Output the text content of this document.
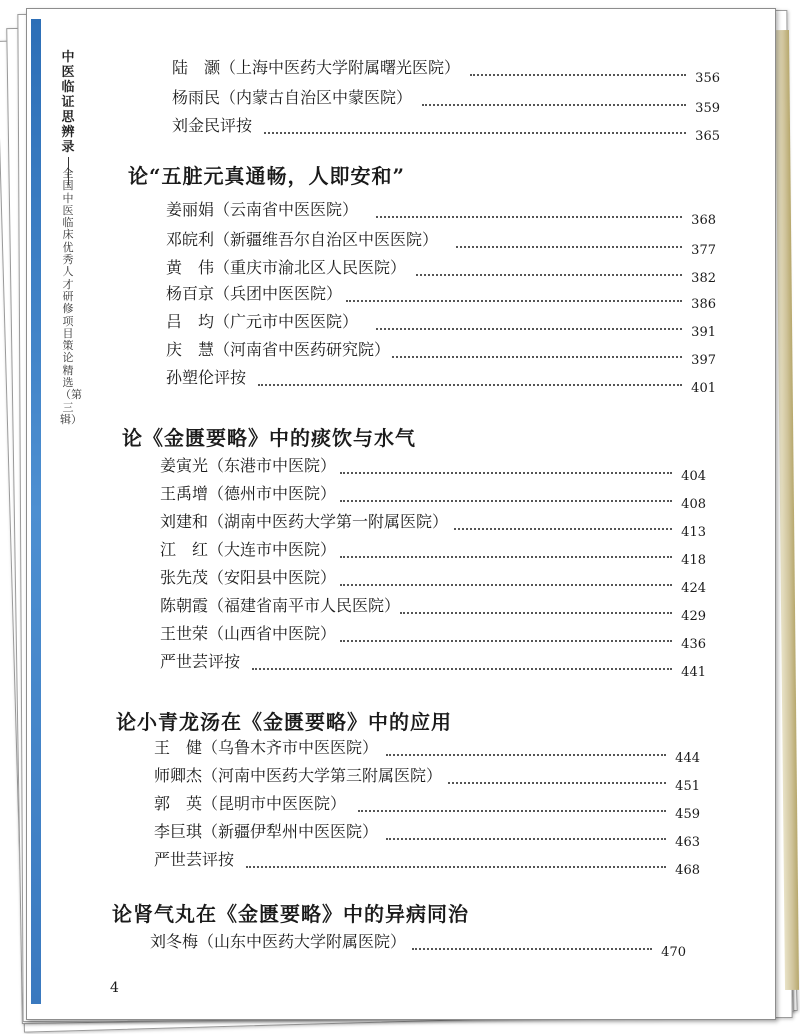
中医临证思辨录
全国中医临床优秀人才研修项目策论精选（第三辑）
陆　灏（上海中医药大学附属曙光医院）
356
杨雨民（内蒙古自治区中蒙医院）
359
刘金民评按
365
论“五脏元真通畅，人即安和”
姜丽娟（云南省中医医院）
368
邓皖利（新疆维吾尔自治区中医医院）
377
黄　伟（重庆市渝北区人民医院）
382
杨百京（兵团中医医院）
386
吕　均（广元市中医医院）
391
庆　慧（河南省中医药研究院）
397
孙塑伦评按
401
论《金匮要略》中的痰饮与水气
姜寅光（东港市中医院）
404
王禹增（德州市中医院）
408
刘建和（湖南中医药大学第一附属医院）
413
江　红（大连市中医院）
418
张先茂（安阳县中医院）
424
陈朝霞（福建省南平市人民医院）
429
王世荣（山西省中医院）
436
严世芸评按
441
论小青龙汤在《金匮要略》中的应用
王　健（乌鲁木齐市中医医院）
444
师卿杰（河南中医药大学第三附属医院）
451
郭　英（昆明市中医医院）
459
李巨琪（新疆伊犁州中医医院）
463
严世芸评按
468
论肾气丸在《金匮要略》中的异病同治
刘冬梅（山东中医药大学附属医院）
470
4
